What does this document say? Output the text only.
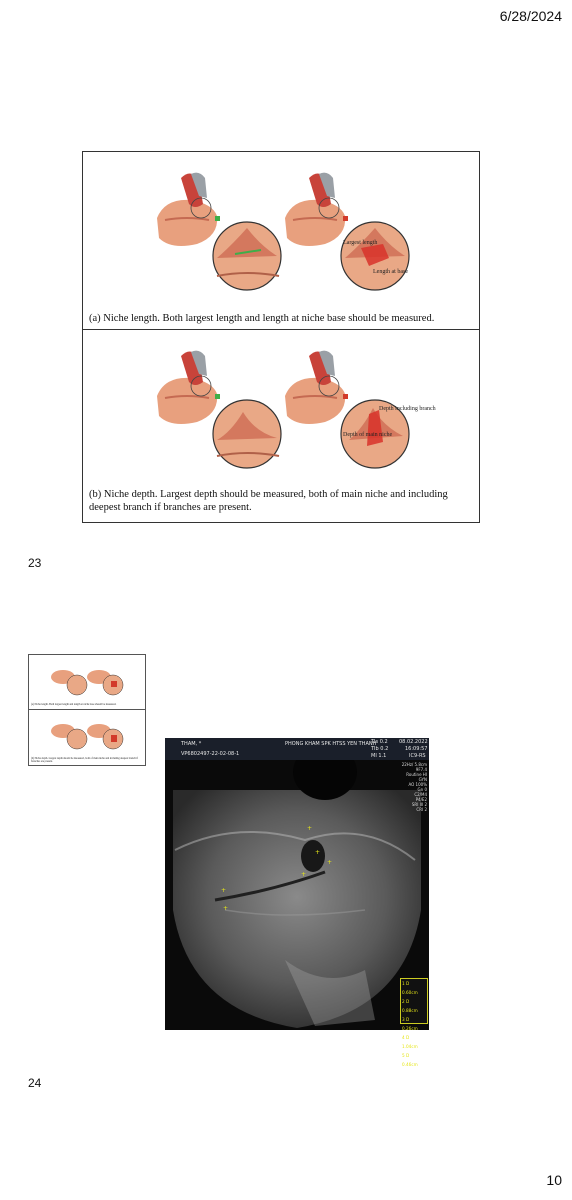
6/28/2024
Largest length
Length at base
(a) Niche length. Both largest length and length at niche base should be measured.
Depth including branch
Depth of main niche
(b) Niche depth. Largest depth should be measured, both of main niche and including deepest branch if branches are present.
23
(a) Niche length. Both largest length and length at niche base should be measured.
(b) Niche depth. Largest depth should be measured, both of main niche and including deepest branch if branches are present.
+
+
+
+
+
+
THAM, *
VP6802497-22-02-08-1
PHONG KHAM SPK HTSS YEN THANH
TIs 0.2
TIb 0.2
MI 1.1
08.02.2022
16:09:57
IC9-RS
22Hz/ 5.8cm
9F7.4
Routine HI GYN
AO 100%
Gn 0
C2/M4
P4/E2
SRI III 2
CRI 2
1 D 0.60cm
2 D 0.88cm
3 D 0.26cm
4 D 1.04cm
5 D 0.46cm
24
10
